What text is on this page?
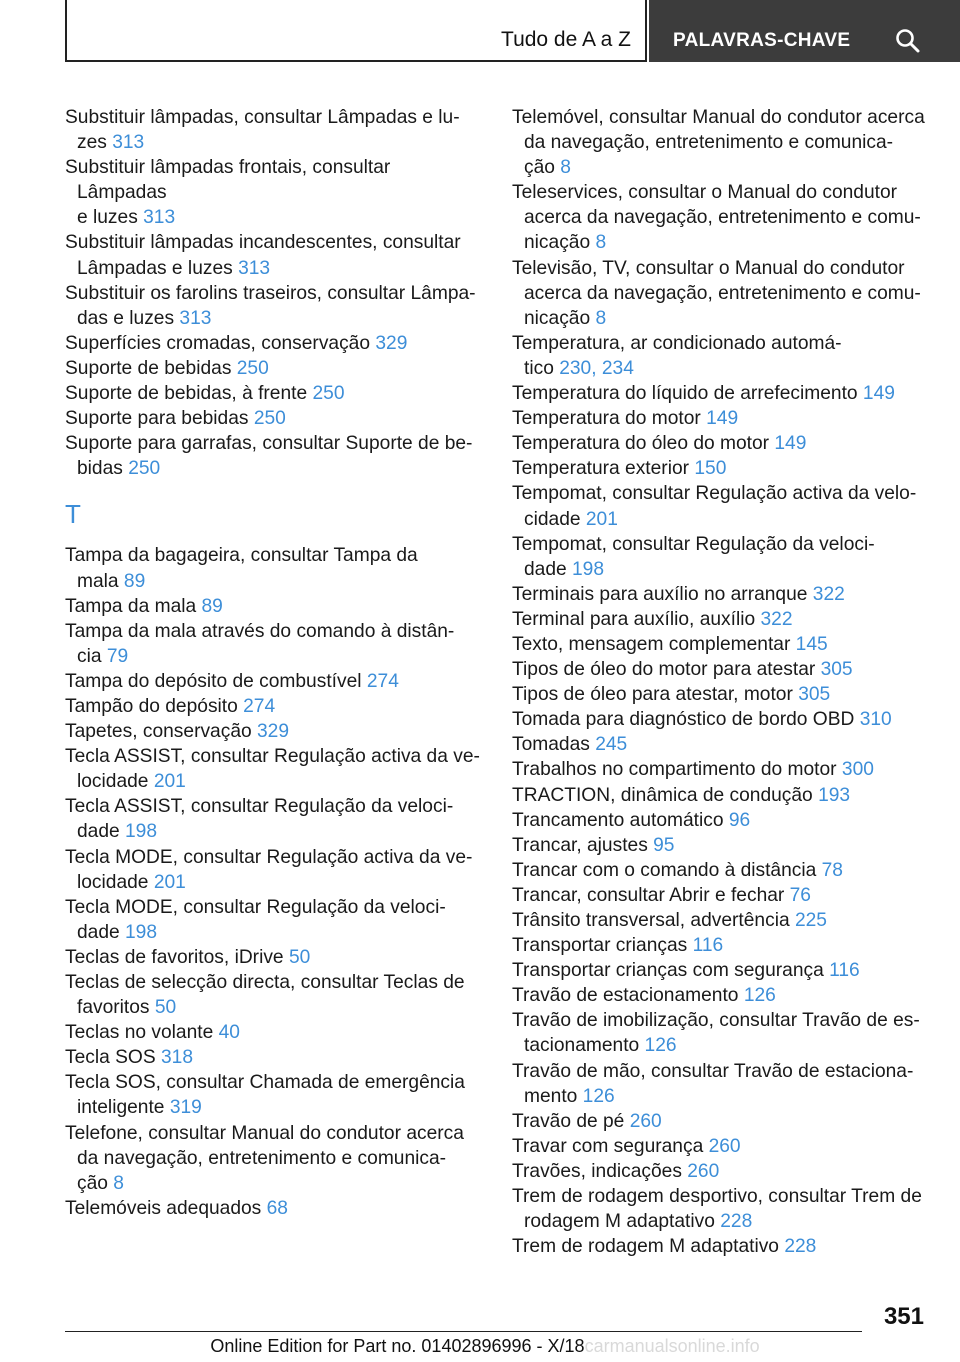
Tudo de A a Z PALAVRAS-CHAVE
Substituir lâmpadas, consultar Lâmpadas e lu-
zes 313
Substituir lâmpadas frontais, consultar Lâmpadas
e luzes 313
Substituir lâmpadas incandescentes, consultar
Lâmpadas e luzes 313
Substituir os farolins traseiros, consultar Lâmpa-
das e luzes 313
Superfícies cromadas, conservação 329
Suporte de bebidas 250
Suporte de bebidas, à frente 250
Suporte para bebidas 250
Suporte para garrafas, consultar Suporte de be-
bidas 250
T
Tampa da bagageira, consultar Tampa da
mala 89
Tampa da mala 89
Tampa da mala através do comando à distân-
cia 79
Tampa do depósito de combustível 274
Tampão do depósito 274
Tapetes, conservação 329
Tecla ASSIST, consultar Regulação activa da ve-
locidade 201
Tecla ASSIST, consultar Regulação da veloci-
dade 198
Tecla MODE, consultar Regulação activa da ve-
locidade 201
Tecla MODE, consultar Regulação da veloci-
dade 198
Teclas de favoritos, iDrive 50
Teclas de selecção directa, consultar Teclas de
favoritos 50
Teclas no volante 40
Tecla SOS 318
Tecla SOS, consultar Chamada de emergência
inteligente 319
Telefone, consultar Manual do condutor acerca
da navegação, entretenimento e comunica-
ção 8
Telemóveis adequados 68
Telemóvel, consultar Manual do condutor acerca
da navegação, entretenimento e comunica-
ção 8
Teleservices, consultar o Manual do condutor
acerca da navegação, entretenimento e comu-
nicação 8
Televisão, TV, consultar o Manual do condutor
acerca da navegação, entretenimento e comu-
nicação 8
Temperatura, ar condicionado automá-
tico 230, 234
Temperatura do líquido de arrefecimento 149
Temperatura do motor 149
Temperatura do óleo do motor 149
Temperatura exterior 150
Tempomat, consultar Regulação activa da velo-
cidade 201
Tempomat, consultar Regulação da veloci-
dade 198
Terminais para auxílio no arranque 322
Terminal para auxílio, auxílio 322
Texto, mensagem complementar 145
Tipos de óleo do motor para atestar 305
Tipos de óleo para atestar, motor 305
Tomada para diagnóstico de bordo OBD 310
Tomadas 245
Trabalhos no compartimento do motor 300
TRACTION, dinâmica de condução 193
Trancamento automático 96
Trancar, ajustes 95
Trancar com o comando à distância 78
Trancar, consultar Abrir e fechar 76
Trânsito transversal, advertência 225
Transportar crianças 116
Transportar crianças com segurança 116
Travão de estacionamento 126
Travão de imobilização, consultar Travão de es-
tacionamento 126
Travão de mão, consultar Travão de estaciona-
mento 126
Travão de pé 260
Travar com segurança 260
Travões, indicações 260
Trem de rodagem desportivo, consultar Trem de
rodagem M adaptativo 228
Trem de rodagem M adaptativo 228
351
Online Edition for Part no. 01402896996 - X/18carmanualsonline.info
